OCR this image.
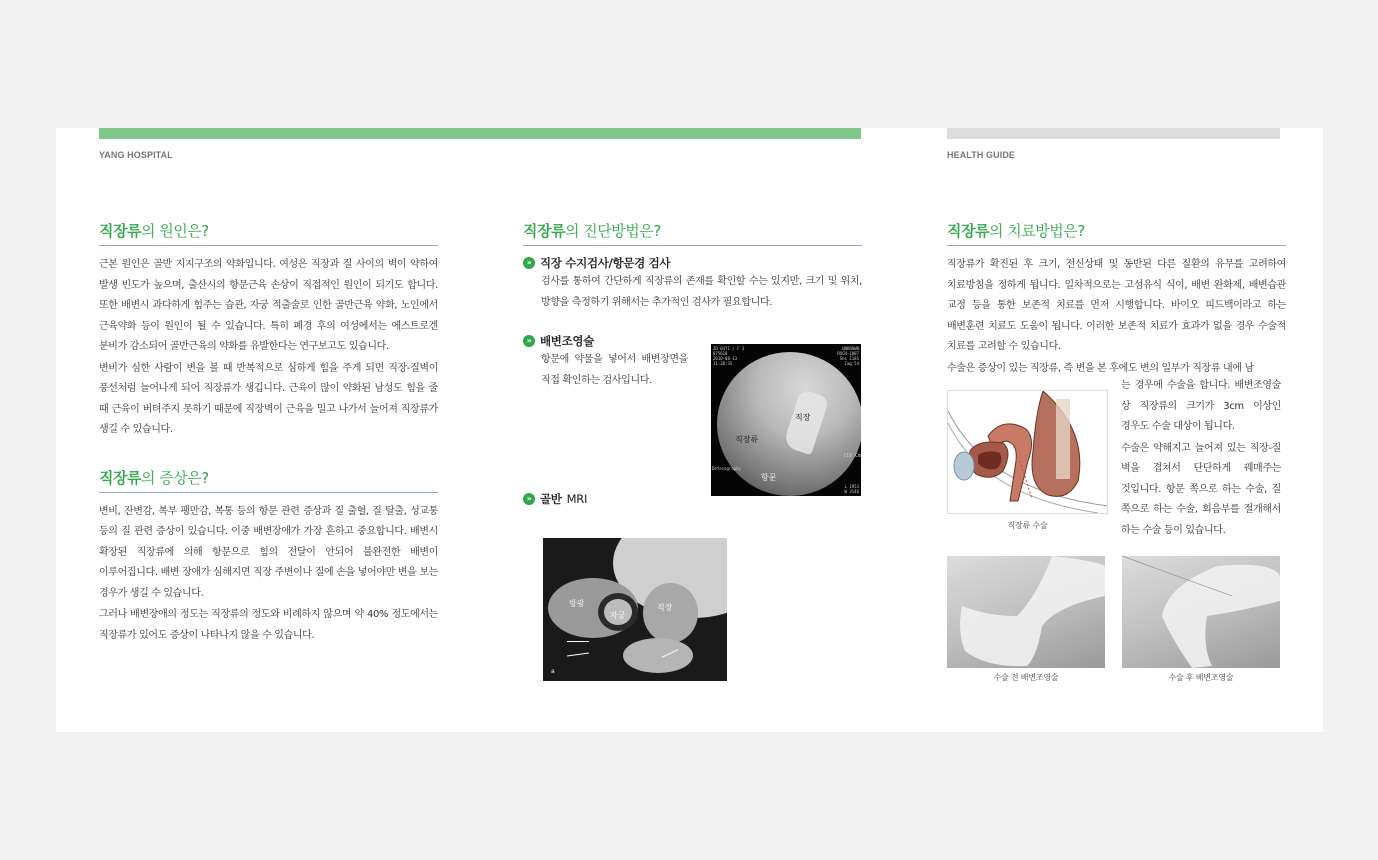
YANG HOSPITAL	HEALTH GUIDE
직장류의 원인은?

근본 원인은 골반 지지구조의 약화입니다. 여성은 직장과 질 사이의 벽이 약하여 발생 빈도가 높으며, 출산시의 항문근육 손상이 직접적인 원인이 되기도 합니다. 또한 배변시 과다하게 힘주는 습관, 자궁 적출술로 인한 골반근육 약화, 노인에서 근육약화 등이 원인이 될 수 있습니다. 특히 폐경 후의 여성에서는 에스트로겐 분비가 감소되어 골반근육의 약화를 유발한다는 연구보고도 있습니다.

변비가 심한 사람이 변을 볼 때 반복적으로 심하게 힘을 주게 되면 직장-질벽이 풍선처럼 늘어나게 되어 직장류가 생깁니다. 근육이 많이 약화된 남성도 힘을 줄 때 근육이 버텨주지 못하기 때문에 직장벽이 근육을 밀고 나가서 늘어져 직장류가 생길 수 있습니다.

직장류의 증상은?

변비, 잔변감, 복부 팽만감, 복통 등의 항문 관련 증상과 질 출혈, 질 탈출, 성교통 등의 질 관련 증상이 있습니다. 이중 배변장애가 가장 흔하고 중요합니다. 배변시 확장된 직장류에 의해 항문으로 힘의 전달이 안되어 불완전한 배변이 이루어집니다. 배변 장애가 심해지면 직장 주변이나 질에 손을 넣어야만 변을 보는 경우가 생길 수 있습니다.

그러나 배변장애의 정도는 직장류의 정도와 비례하지 않으며 약 40% 정도에서는 직장류가 있어도 증상이 나타나지 않을 수 있습니다.

직장류의 진단방법은?
» 직장 수지검사/항문경 검사

검사를 통하여 간단하게 직장류의 존재를 확인할 수는 있지만, 크기 및 위치, 방향을 측정하기 위해서는 추가적인 검사가 필요합니다.

» 배변조영술

항문에 약물을 넣어서 배변장면을 직접 확인하는 검사입니다.

» 골반 MRI
ZD 0471 / F 3
075618
2010-08-13
11:38:35
UNKNOWN
RXCH-1007
Sns 1181
Img 54
직장
직장류
항문
(10 Cm
Defecography
L 1953
W 3146
방광
자궁
직장
a
직장류의 치료방법은?

직장류가 확진된 후 크기, 전신상태 및 동반된 다른 질환의 유무를 고려하여 치료방침을 정하게 됩니다. 일차적으로는 고섬유식 식이, 배변 완화제, 배변습관 교정 등을 통한 보존적 치료를 먼저 시행합니다. 바이오 피드백이라고 하는 배변훈련 치료도 도움이 됩니다. 이러한 보존적 치료가 효과가 없을 경우 수술적 치료를 고려할 수 있습니다.

수술은 증상이 있는 직장류, 즉 변을 본 후에도 변의 일부가 직장류 내에 남

직장류 수술

는 경우에 수술을 합니다. 배변조영술 상 직장류의 크기가 3cm 이상인 경우도 수술 대상이 됩니다.

수술은 약해지고 늘어져 있는 직장-질 벽을 겹쳐서 단단하게 꿰매주는 것입니다. 항문 쪽으로 하는 수술, 질 쪽으로 하는 수술, 회음부를 절개해서 하는 수술 등이 있습니다.

수술 전 배변조영술	수술 후 배변조영술
